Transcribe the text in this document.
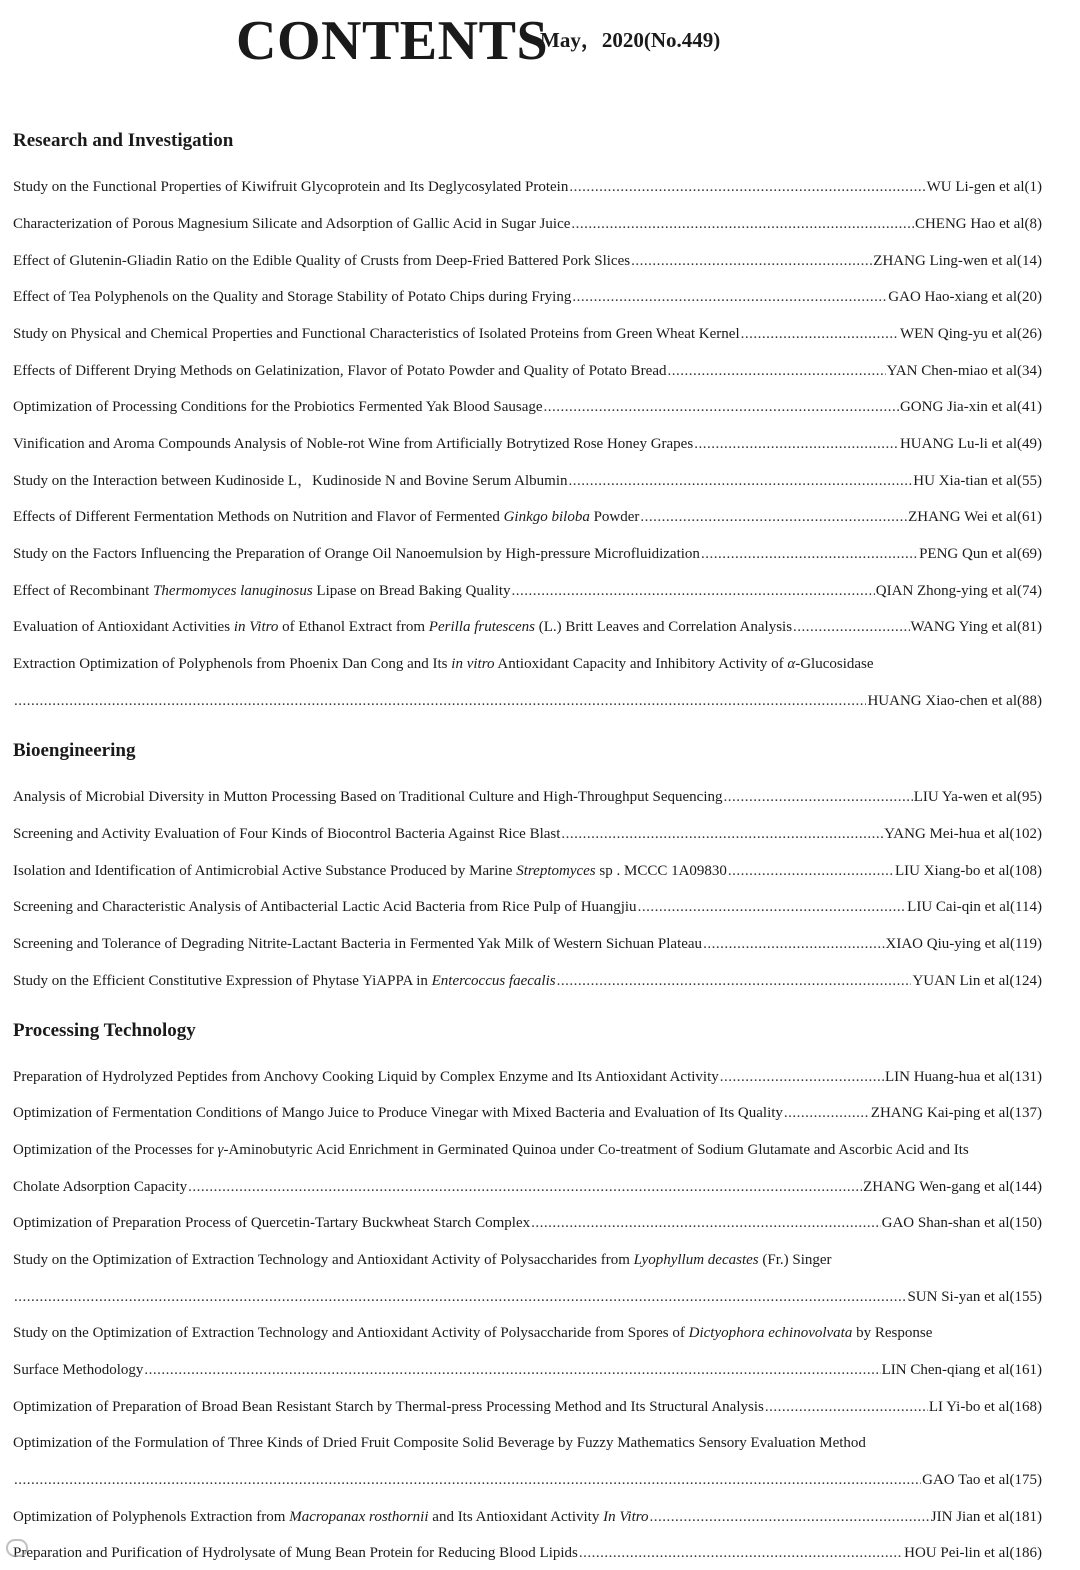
CONTENTS
May，2020(No.449)
Research and Investigation
Study on the Functional Properties of Kiwifruit Glycoprotein and Its Deglycosylated Protein .....	WU Li-gen et al(1)
Characterization of Porous Magnesium Silicate and Adsorption of Gallic Acid in Sugar Juice .....	CHENG Hao et al(8)
Effect of Glutenin-Gliadin Ratio on the Edible Quality of Crusts from Deep-Fried Battered Pork Slices .....	ZHANG Ling-wen et al(14)
Effect of Tea Polyphenols on the Quality and Storage Stability of Potato Chips during Frying .....	GAO Hao-xiang et al(20)
Study on Physical and Chemical Properties and Functional Characteristics of Isolated Proteins from Green Wheat Kernel .....	WEN Qing-yu et al(26)
Effects of Different Drying Methods on Gelatinization, Flavor of Potato Powder and Quality of Potato Bread .....	YAN Chen-miao et al(34)
Optimization of Processing Conditions for the Probiotics Fermented Yak Blood Sausage .....	GONG Jia-xin et al(41)
Vinification and Aroma Compounds Analysis of Noble-rot Wine from Artificially Botrytized Rose Honey Grapes .....	HUANG Lu-li et al(49)
Study on the Interaction between Kudinoside L，Kudinoside N and Bovine Serum Albumin .....	HU Xia-tian et al(55)
Effects of Different Fermentation Methods on Nutrition and Flavor of Fermented Ginkgo biloba Powder .....	ZHANG Wei et al(61)
Study on the Factors Influencing the Preparation of Orange Oil Nanoemulsion by High-pressure Microfluidization .....	PENG Qun et al(69)
Effect of Recombinant Thermomyces lanuginosus Lipase on Bread Baking Quality .....	QIAN Zhong-ying et al(74)
Evaluation of Antioxidant Activities in Vitro of Ethanol Extract from Perilla frutescens (L.) Britt Leaves and Correlation Analysis .....	WANG Ying et al(81)
Extraction Optimization of Polyphenols from Phoenix Dan Cong and Its in vitro Antioxidant Capacity and Inhibitory Activity of α-Glucosidase
.....
HUANG Xiao-chen et al(88)
Bioengineering
Analysis of Microbial Diversity in Mutton Processing Based on Traditional Culture and High-Throughput Sequencing .....	LIU Ya-wen et al(95)
Screening and Activity Evaluation of Four Kinds of Biocontrol Bacteria Against Rice Blast .....	YANG Mei-hua et al(102)
Isolation and Identification of Antimicrobial Active Substance Produced by Marine Streptomyces sp . MCCC 1A09830 .....	LIU Xiang-bo et al(108)
Screening and Characteristic Analysis of Antibacterial Lactic Acid Bacteria from Rice Pulp of Huangjiu .....	LIU Cai-qin et al(114)
Screening and Tolerance of Degrading Nitrite-Lactant Bacteria in Fermented Yak Milk of Western Sichuan Plateau .....	XIAO Qiu-ying et al(119)
Study on the Efficient Constitutive Expression of Phytase YiAPPA in Entercoccus faecalis .....	YUAN Lin et al(124)
Processing Technology
Preparation of Hydrolyzed Peptides from Anchovy Cooking Liquid by Complex Enzyme and Its Antioxidant Activity .....	LIN Huang-hua et al(131)
Optimization of Fermentation Conditions of Mango Juice to Produce Vinegar with Mixed Bacteria and Evaluation of Its Quality .....	ZHANG Kai-ping et al(137)
Optimization of the Processes for γ-Aminobutyric Acid Enrichment in Germinated Quinoa under Co-treatment of Sodium Glutamate and Ascorbic Acid and Its
Cholate Adsorption Capacity .....	ZHANG Wen-gang et al(144)
Optimization of Preparation Process of Quercetin-Tartary Buckwheat Starch Complex .....	GAO Shan-shan et al(150)
Study on the Optimization of Extraction Technology and Antioxidant Activity of Polysaccharides from Lyophyllum decastes (Fr.) Singer
.....
SUN Si-yan et al(155)
Study on the Optimization of Extraction Technology and Antioxidant Activity of Polysaccharide from Spores of Dictyophora echinovolvata by Response
Surface Methodology .....	LIN Chen-qiang et al(161)
Optimization of Preparation of Broad Bean Resistant Starch by Thermal-press Processing Method and Its Structural Analysis .....	LI Yi-bo et al(168)
Optimization of the Formulation of Three Kinds of Dried Fruit Composite Solid Beverage by Fuzzy Mathematics Sensory Evaluation Method
.....
GAO Tao et al(175)
Optimization of Polyphenols Extraction from Macropanax rosthornii and Its Antioxidant Activity In Vitro .....	JIN Jian et al(181)
Preparation and Purification of Hydrolysate of Mung Bean Protein for Reducing Blood Lipids .....	HOU Pei-lin et al(186)
